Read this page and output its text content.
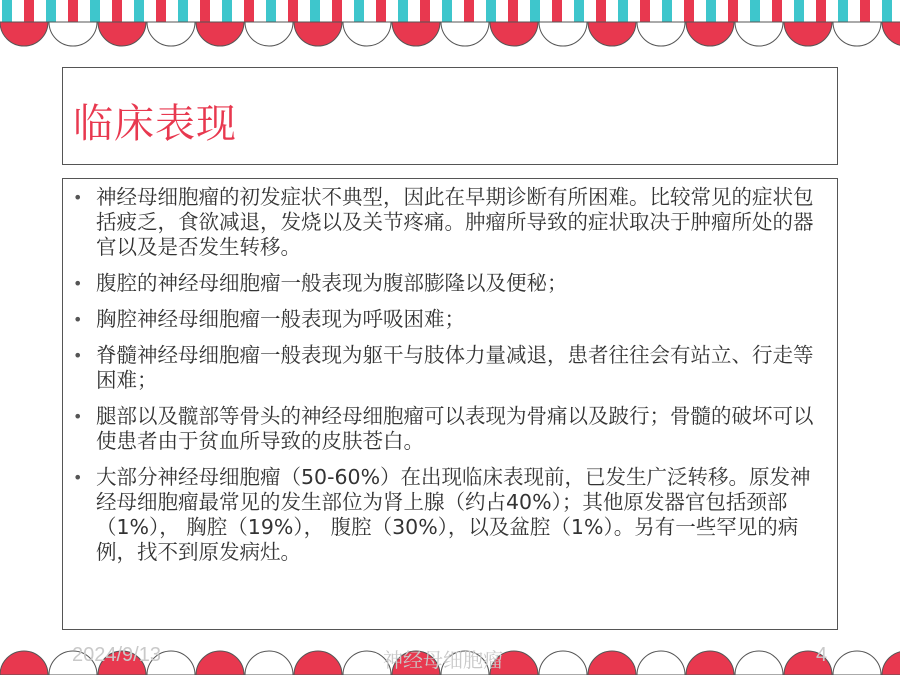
临床表现
• 神经母细胞瘤的初发症状不典型，因此在早期诊断有所困难。比较常见的症状包括疲乏，食欲减退，发烧以及关节疼痛。肿瘤所导致的症状取决于肿瘤所处的器官以及是否发生转移。
• 腹腔的神经母细胞瘤一般表现为腹部膨隆以及便秘；
• 胸腔神经母细胞瘤一般表现为呼吸困难；
• 脊髓神经母细胞瘤一般表现为躯干与肢体力量减退，患者往往会有站立、行走等困难；
• 腿部以及髋部等骨头的神经母细胞瘤可以表现为骨痛以及跛行；骨髓的破坏可以使患者由于贫血所导致的皮肤苍白。
• 大部分神经母细胞瘤（50-60%）在出现临床表现前，已发生广泛转移。原发神经母细胞瘤最常见的发生部位为肾上腺（约占40%）；其他原发器官包括颈部（1%）， 胸腔（19%）， 腹腔（30%），以及盆腔（1%）。另有一些罕见的病例，找不到原发病灶。
2024/9/13	神经母细胞瘤	4
